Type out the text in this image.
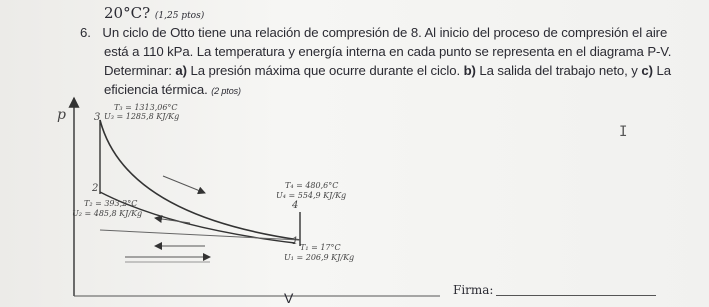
20°C? (1,25 ptos)
6. Un ciclo de Otto tiene una relación de compresión de 8. Al inicio del proceso de compresión el aire
está a 110 kPa. La temperatura y energía interna en cada punto se representa en el diagrama P-V.
Determinar: a) La presión máxima que ocurre durante el ciclo. b) La salida del trabajo neto, y c) La
eficiencia térmica. (2 ptos)
p
V
3
T₃ = 1313,06°C
U₃ = 1285,8 KJ/Kg
2
T₂ = 393,2°C
U₂ = 485,8 KJ/Kg
T₄ = 480,6°C
U₄ = 554,9 KJ/Kg
4
1
T₁ = 17°C
U₁ = 206,9 KJ/Kg
I
Firma:
